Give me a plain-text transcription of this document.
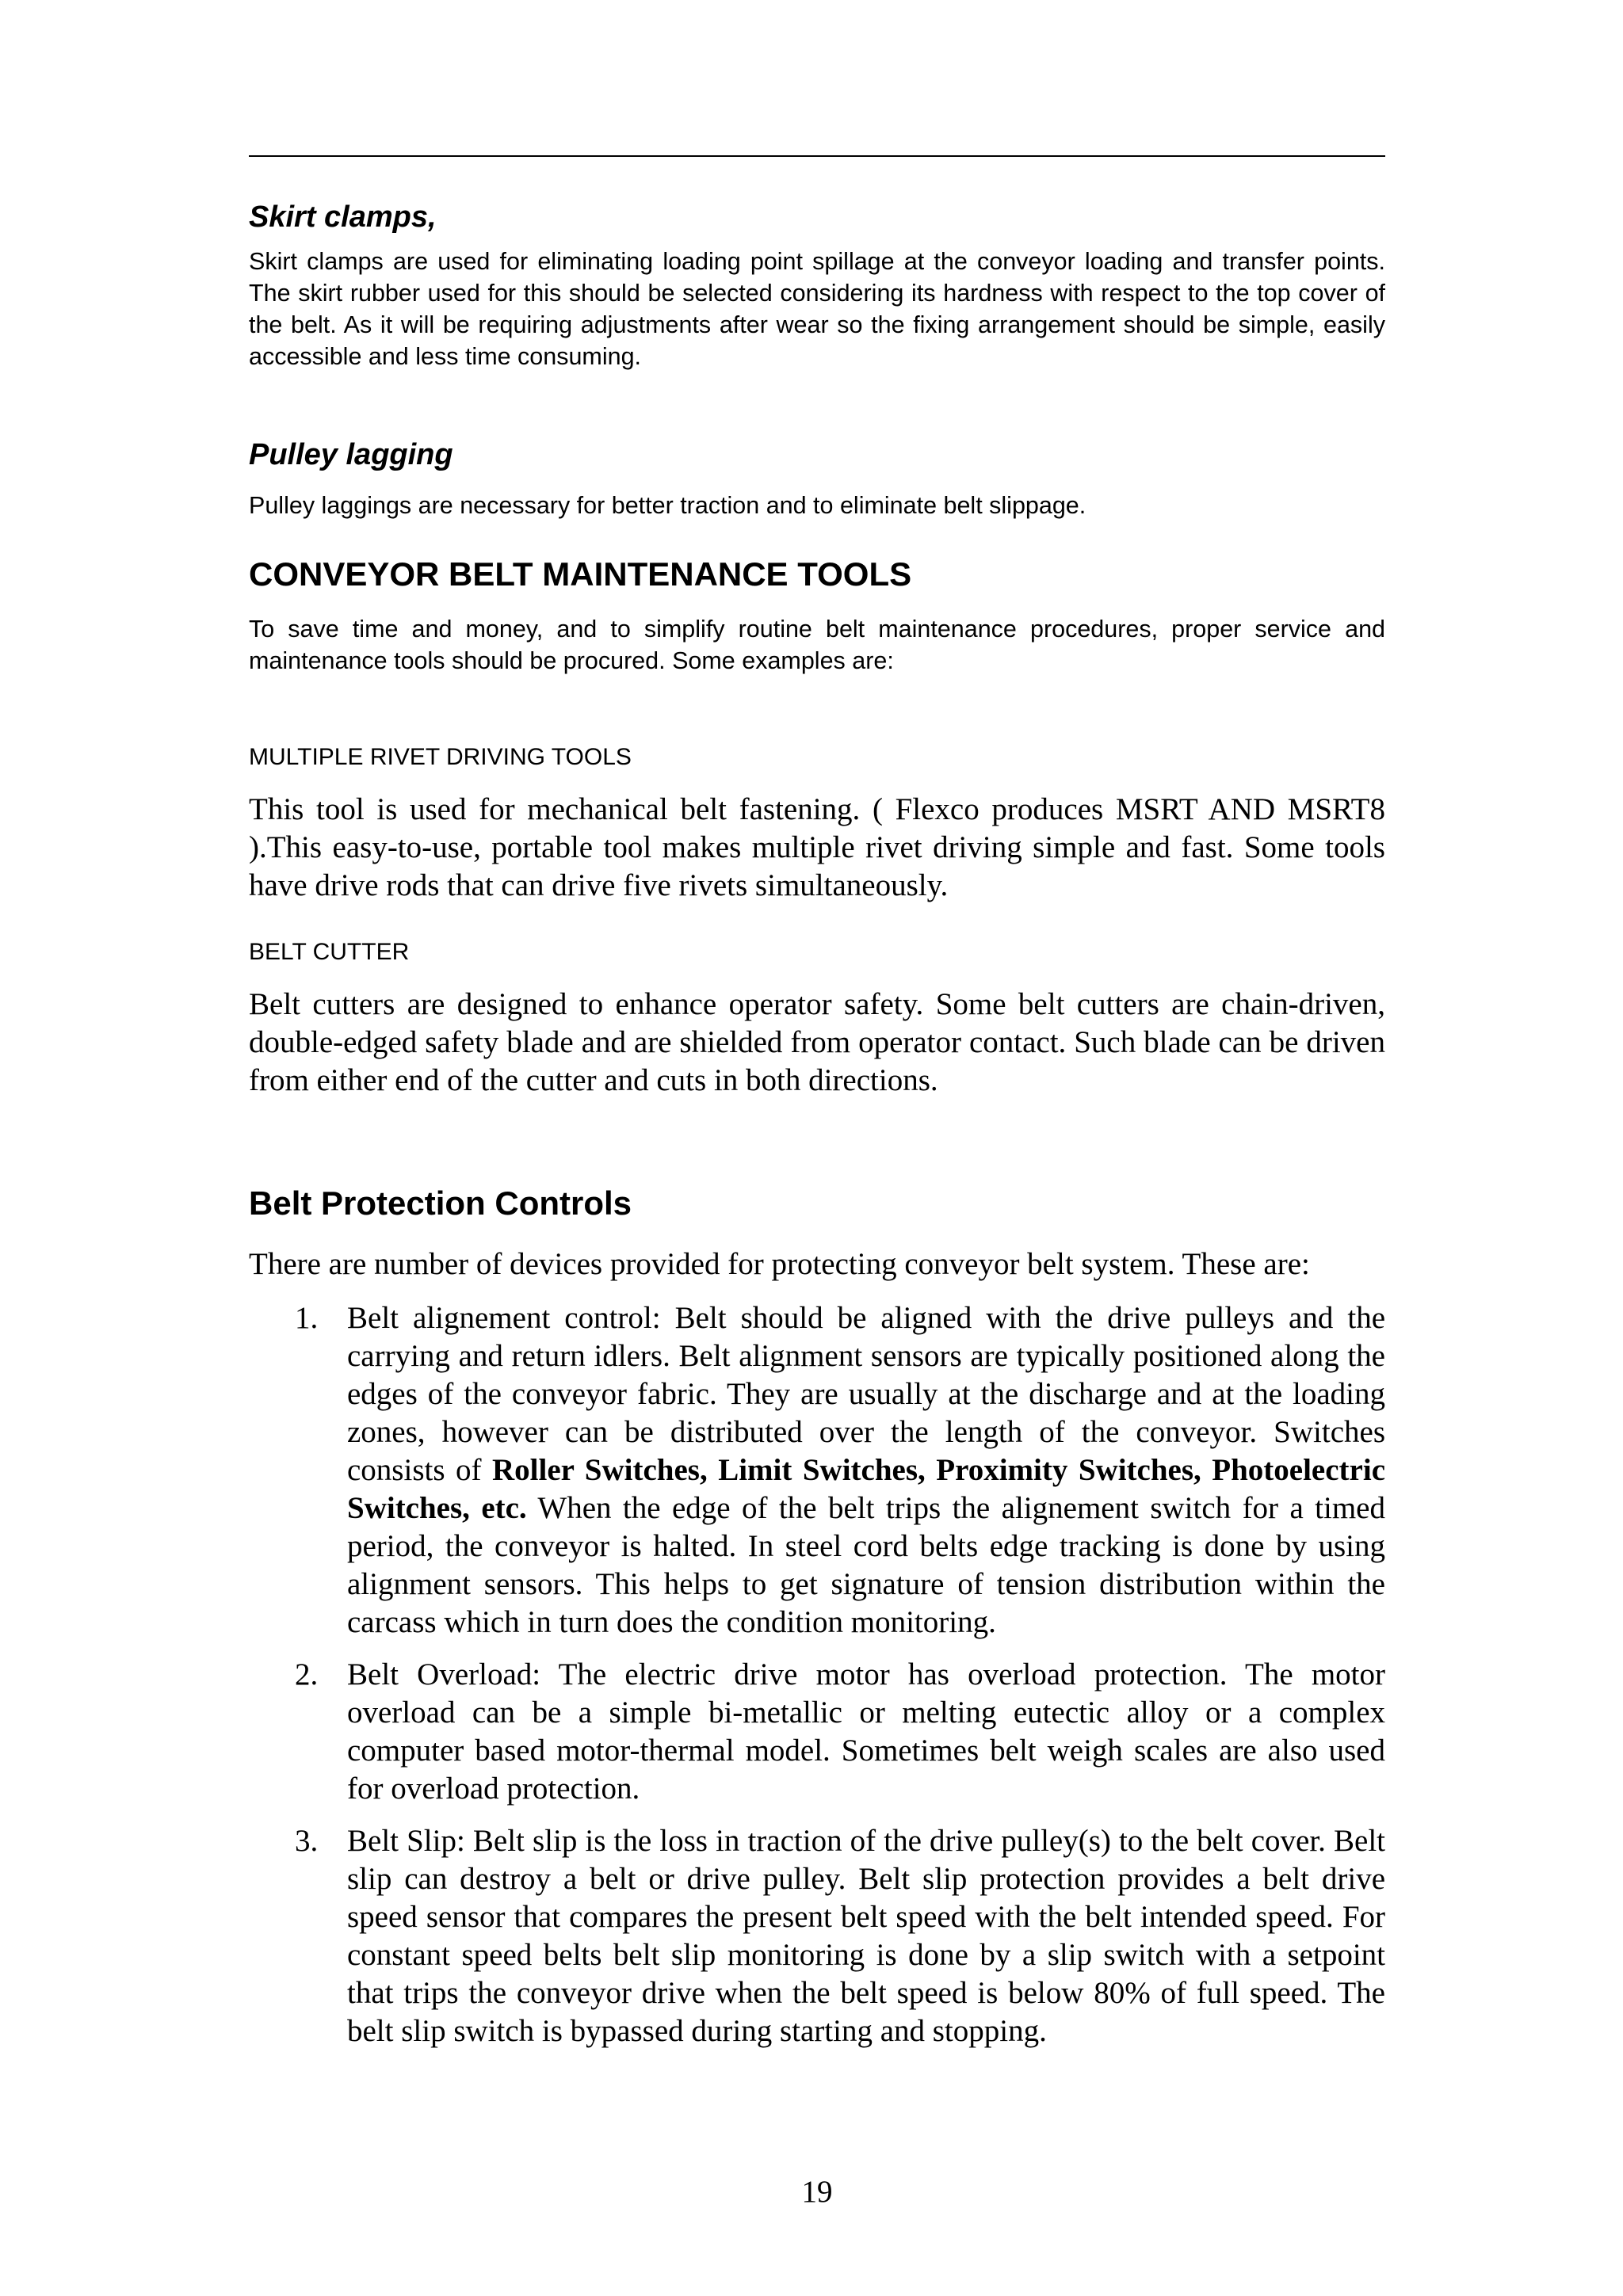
Skirt clamps,
Skirt clamps are used for eliminating loading point spillage at the conveyor loading and transfer points. The skirt rubber used for this should be selected considering its hardness with respect to the top cover of the belt. As it will be requiring adjustments after wear so the fixing arrangement should be simple, easily accessible and less time consuming.
Pulley lagging
Pulley laggings are necessary for better traction and to eliminate belt slippage.
CONVEYOR BELT MAINTENANCE TOOLS
To save time and money, and to simplify routine belt maintenance procedures, proper service and maintenance tools should be procured. Some examples are:
MULTIPLE RIVET DRIVING TOOLS
This tool is used for mechanical belt fastening. ( Flexco produces MSRT AND MSRT8 ).This easy-to-use, portable tool makes multiple rivet driving simple and fast. Some tools have drive rods that can drive five rivets simultaneously.
BELT CUTTER
Belt cutters are designed to enhance operator safety. Some belt cutters are chain-driven, double-edged safety blade and are shielded from operator contact. Such blade can be driven from either end of the cutter and cuts in both directions.
Belt Protection Controls
There are number of devices provided for protecting conveyor belt system. These are:
1. Belt alignement control: Belt should be aligned with the drive pulleys and the carrying and return idlers. Belt alignment sensors are typically positioned along the edges of the conveyor fabric. They are usually at the discharge and at the loading zones, however can be distributed over the length of the conveyor. Switches consists of Roller Switches, Limit Switches, Proximity Switches, Photoelectric Switches, etc. When the edge of the belt trips the alignement switch for a timed period, the conveyor is halted. In steel cord belts edge tracking is done by using alignment sensors. This helps to get signature of tension distribution within the carcass which in turn does the condition monitoring.
2. Belt Overload: The electric drive motor has overload protection. The motor overload can be a simple bi-metallic or melting eutectic alloy or a complex computer based motor-thermal model. Sometimes belt weigh scales are also used for overload protection.
3. Belt Slip: Belt slip is the loss in traction of the drive pulley(s) to the belt cover. Belt slip can destroy a belt or drive pulley. Belt slip protection provides a belt drive speed sensor that compares the present belt speed with the belt intended speed. For constant speed belts belt slip monitoring is done by a slip switch with a setpoint that trips the conveyor drive when the belt speed is below 80% of full speed. The belt slip switch is bypassed during starting and stopping.
19
